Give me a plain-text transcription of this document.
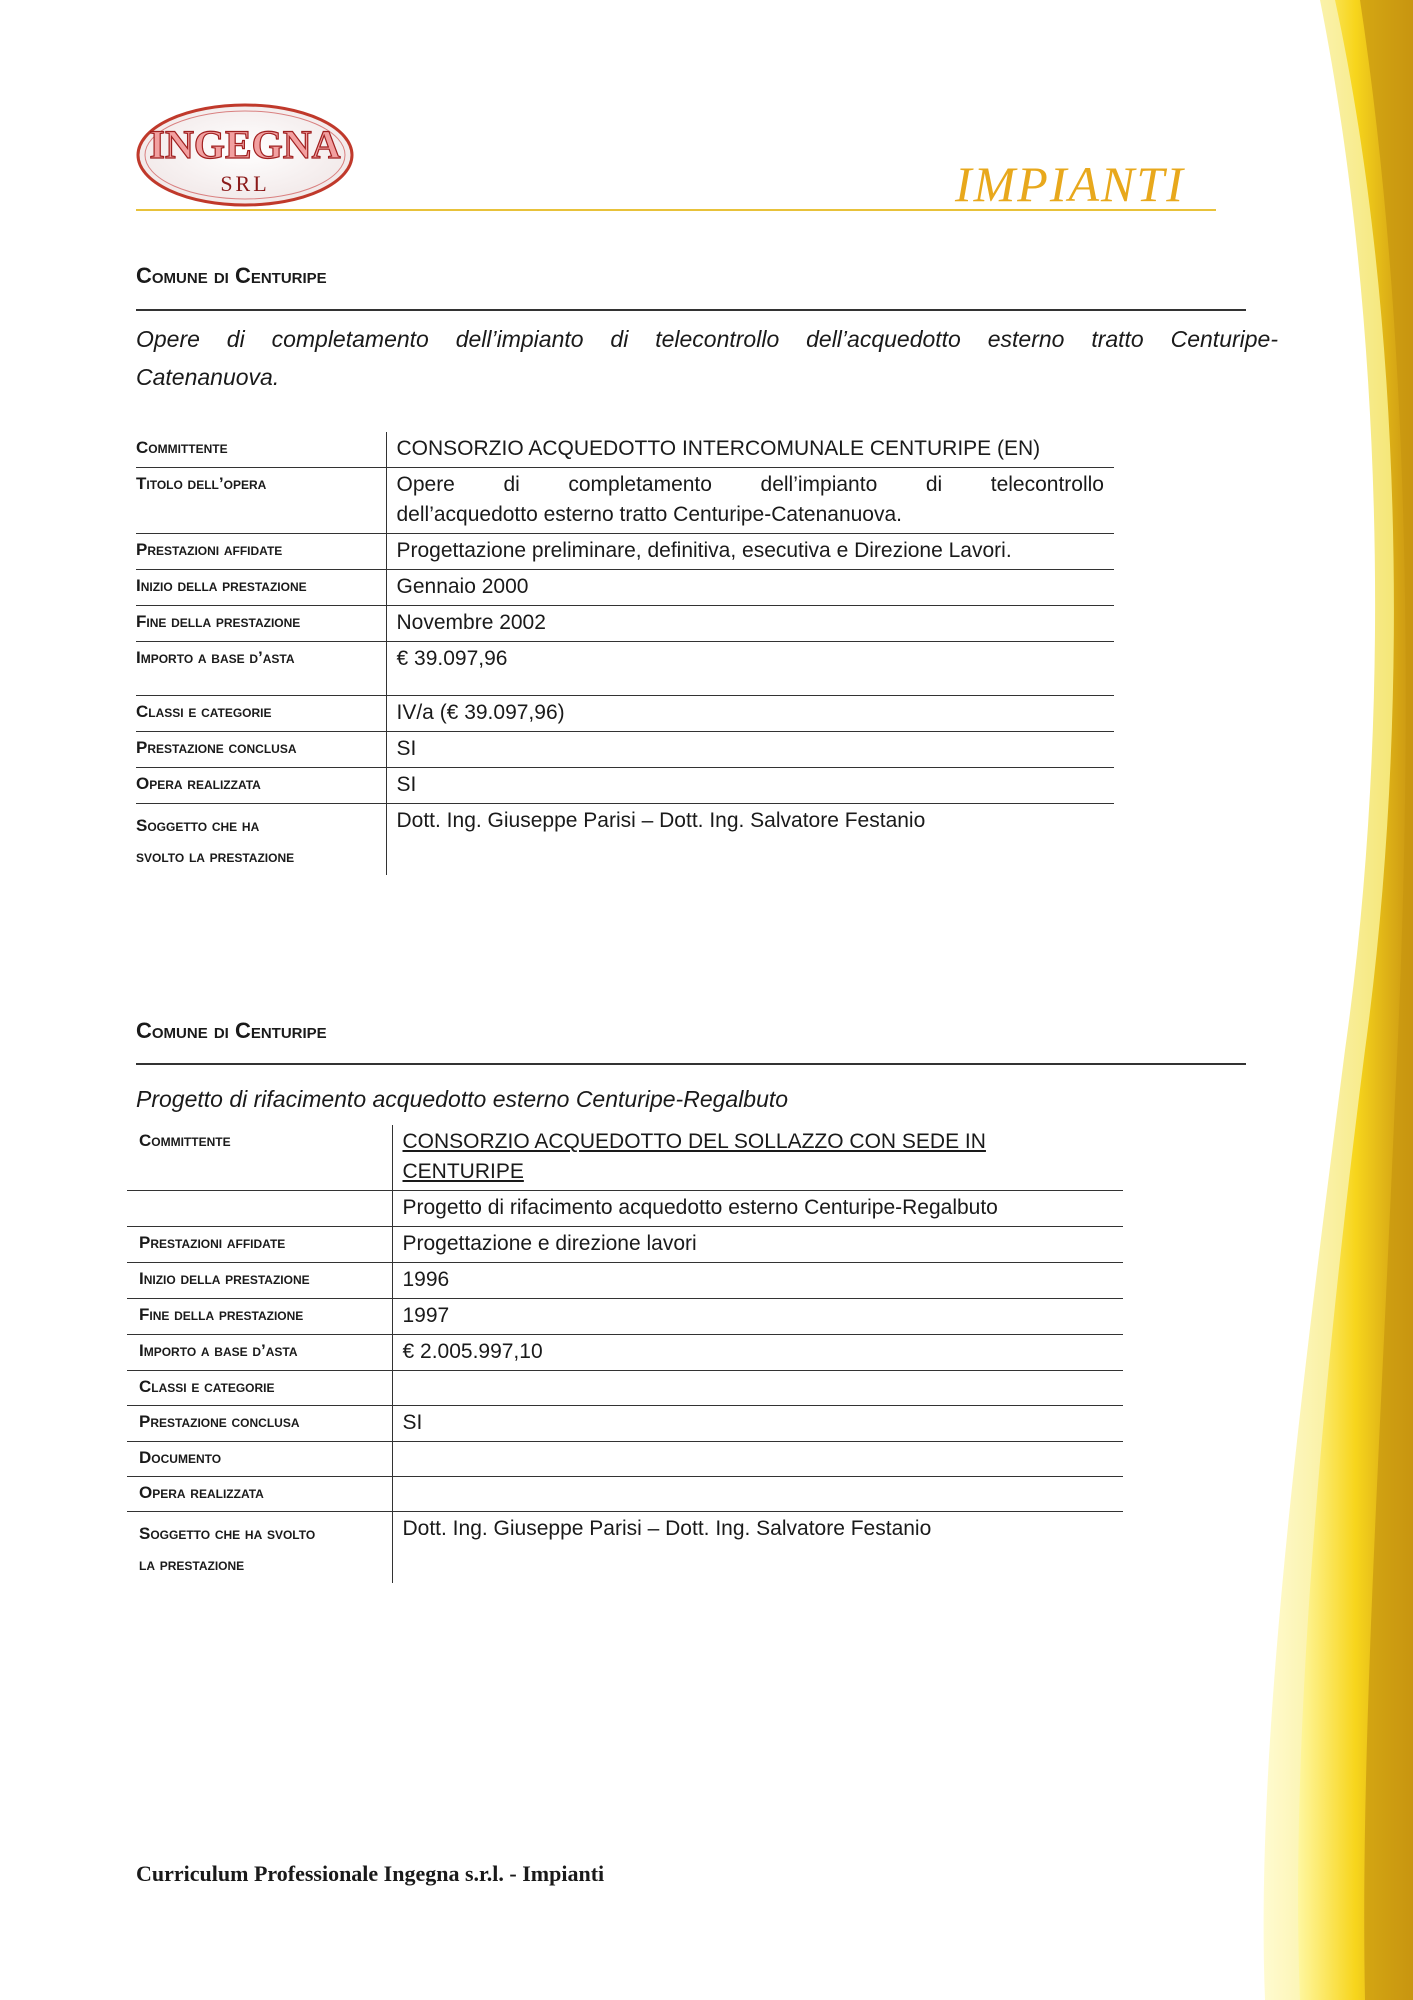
INGEGNA
SRL	IMPIANTI
Comune di Centuripe
Opere di completamento dell’impianto di telecontrollo dell’acquedotto esterno tratto Centuripe-
Catenanuova.
Committente	CONSORZIO ACQUEDOTTO INTERCOMUNALE CENTURIPE (EN)
Titolo dell’opera	Opere di completamento dell’impianto di telecontrollo
dell’acquedotto esterno tratto Centuripe-Catenanuova.
Prestazioni affidate	Progettazione preliminare, definitiva, esecutiva e Direzione Lavori.
Inizio della prestazione	Gennaio 2000
Fine della prestazione	Novembre 2002
Importo a base d’asta	€ 39.097,96
Classi e categorie	IV/a (€ 39.097,96)
Prestazione conclusa	SI
Opera realizzata	SI
Soggetto che ha
svolto la prestazione	Dott. Ing. Giuseppe Parisi – Dott. Ing. Salvatore Festanio
Comune di Centuripe
Progetto di rifacimento acquedotto esterno Centuripe-Regalbuto
Committente	CONSORZIO ACQUEDOTTO DEL SOLLAZZO CON SEDE IN CENTURIPE
	Progetto di rifacimento acquedotto esterno Centuripe-Regalbuto
Prestazioni affidate	Progettazione e direzione lavori
Inizio della prestazione	1996
Fine della prestazione	1997
Importo a base d’asta	€ 2.005.997,10
Classi e categorie	
Prestazione conclusa	SI
Documento	
Opera realizzata	
Soggetto che ha svolto
la prestazione	Dott. Ing. Giuseppe Parisi – Dott. Ing. Salvatore Festanio
Curriculum Professionale Ingegna s.r.l. - Impianti
